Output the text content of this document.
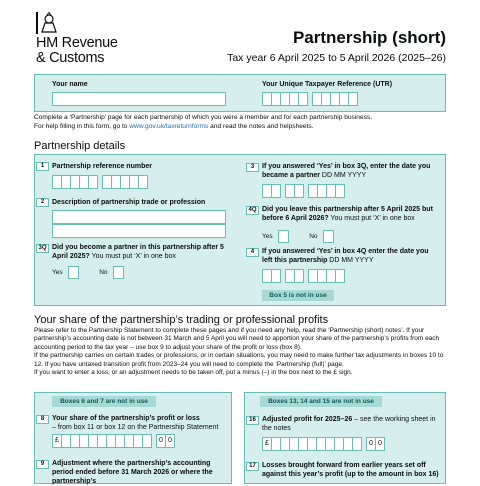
HM Revenue
& Customs
Partnership (short)
Tax year 6 April 2025 to 5 April 2026 (2025–26)
Your name	Your Unique Taxpayer Reference (UTR)
Complete a ‘Partnership’ page for each partnership of which you were a member and for each partnership business.
For help filling in this form, go to www.gov.uk/taxreturnforms and read the notes and helpsheets.
Partnership details
1	Partnership reference number
2	Description of partnership trade or profession
3Q Did you become a partner in this partnership after 5 April 2025? You must put ‘X’ in one box
Yes	No
3	If you answered ‘Yes’ in box 3Q, enter the date you became a partner DD MM YYYY
4Q Did you leave this partnership after 5 April 2025 but before 6 April 2026? You must put ‘X’ in one box
Yes	No
4	If you answered ‘Yes’ in box 4Q enter the date you left this partnership DD MM YYYY
Box 5 is not in use
Your share of the partnership’s trading or professional profits
Please refer to the Partnership Statement to complete these pages and if you need any help, read the ‘Partnership (short) notes’. If your partnership’s accounting date is not between 31 March and 5 April you will need to apportion your share of the partnership’s profits from each accounting period to the tax year – use box 9 to adjust your share of the profit or loss (box 8).
If the partnership carries on certain trades or professions, or in certain situations, you may need to make further tax adjustments in boxes 10 to 12. If you have untaxed transition profit from 2023–24 you will need to complete the ‘Partnership (full)’ page.
If you want to enter a loss, or an adjustment needs to be taken off, put a minus (–) in the box next to the £ sign.
Boxes 6 and 7 are not in use	Boxes 13, 14 and 15 are not in use
8	Your share of the partnership’s profit or loss
– from box 11 or box 12 on the Partnership Statement
£	0 0
9	Adjustment where the partnership’s accounting period ended before 31 March 2026 or where the partnership’s
16 Adjusted profit for 2025–26 – see the working sheet in the notes
£	0 0
17 Losses brought forward from earlier years set off against this year’s profit (up to the amount in box 16)
